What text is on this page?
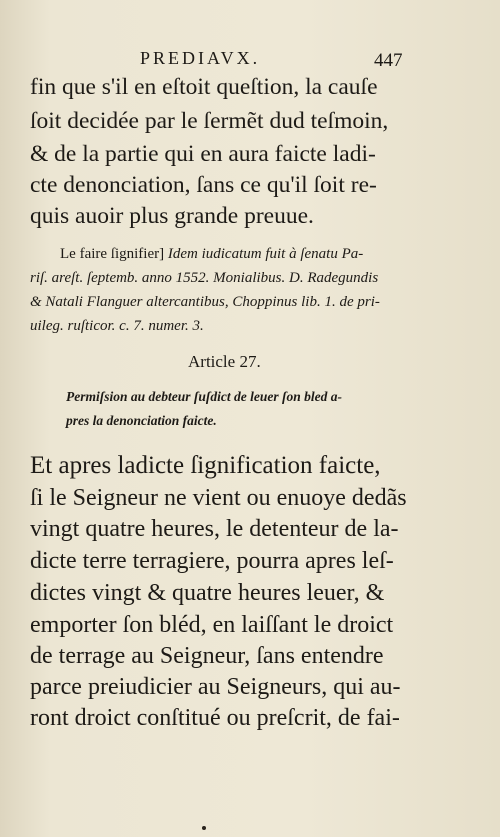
PREDIAVX.	447
fin que s'il en eſtoit queſtion, la cauſe
ſoit decidée par le ſermẽt dud teſmoin,
& de la partie qui en aura faicte ladi-
cte denonciation, ſans ce qu'il ſoit re-
quis auoir plus grande preuue.
Le faire ſignifier] Idem iudicatum fuit à ſenatu Pa-
riſ. areſt. ſeptemb. anno 1552. Monialibus. D. Radegundis
& Natali Flanguer altercantibus, Choppinus lib. 1. de pri-
uileg. ruſticor. c. 7. numer. 3.
Article 27.
Permiſsion au debteur ſuſdict de leuer ſon bled a-
pres la denonciation faicte.
Et apres ladicte ſignification faicte,
ſi le Seigneur ne vient ou enuoye dedãs
vingt quatre heures, le detenteur de la-
dicte terre terragiere, pourra apres leſ-
dictes vingt & quatre heures leuer, &
emporter ſon bléd, en laiſſant le droict
de terrage au Seigneur, ſans entendre
parce preiudicier au Seigneurs, qui au-
ront droict conſtitué ou preſcrit, de fai-
